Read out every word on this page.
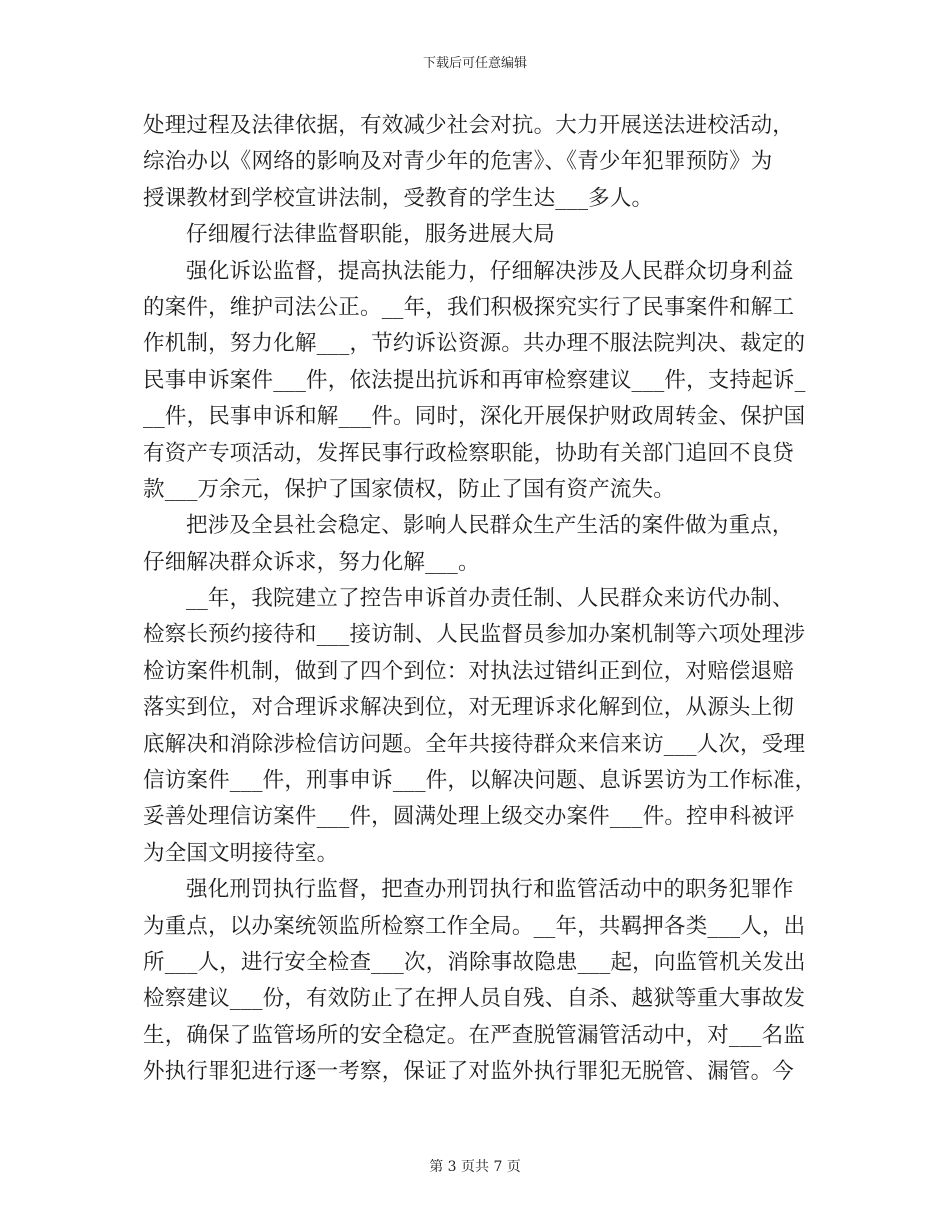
下载后可任意编辑
处理过程及法律依据，有效减少社会对抗。大力开展送法进校活动，
综治办以《网络的影响及对青少年的危害》、《青少年犯罪预防》为
授课教材到学校宣讲法制，受教育的学生达___多人。
仔细履行法律监督职能，服务进展大局
强化诉讼监督，提高执法能力，仔细解决涉及人民群众切身利益
的案件，维护司法公正。__年，我们积极探究实行了民事案件和解工
作机制，努力化解___，节约诉讼资源。共办理不服法院判决、裁定的
民事申诉案件___件，依法提出抗诉和再审检察建议___件，支持起诉_
__件，民事申诉和解___件。同时，深化开展保护财政周转金、保护国
有资产专项活动，发挥民事行政检察职能，协助有关部门追回不良贷
款___万余元，保护了国家债权，防止了国有资产流失。
把涉及全县社会稳定、影响人民群众生产生活的案件做为重点，
仔细解决群众诉求，努力化解___。
__年，我院建立了控告申诉首办责任制、人民群众来访代办制、
检察长预约接待和___接访制、人民监督员参加办案机制等六项处理涉
检访案件机制，做到了四个到位：对执法过错纠正到位，对赔偿退赔
落实到位，对合理诉求解决到位，对无理诉求化解到位，从源头上彻
底解决和消除涉检信访问题。全年共接待群众来信来访___人次，受理
信访案件___件，刑事申诉___件，以解决问题、息诉罢访为工作标准，
妥善处理信访案件___件，圆满处理上级交办案件___件。控申科被评
为全国文明接待室。
强化刑罚执行监督，把查办刑罚执行和监管活动中的职务犯罪作
为重点，以办案统领监所检察工作全局。__年，共羁押各类___人，出
所___人，进行安全检查___次，消除事故隐患___起，向监管机关发出
检察建议___份，有效防止了在押人员自残、自杀、越狱等重大事故发
生，确保了监管场所的安全稳定。在严查脱管漏管活动中，对___名监
外执行罪犯进行逐一考察，保证了对监外执行罪犯无脱管、漏管。今
第 3 页共 7 页
